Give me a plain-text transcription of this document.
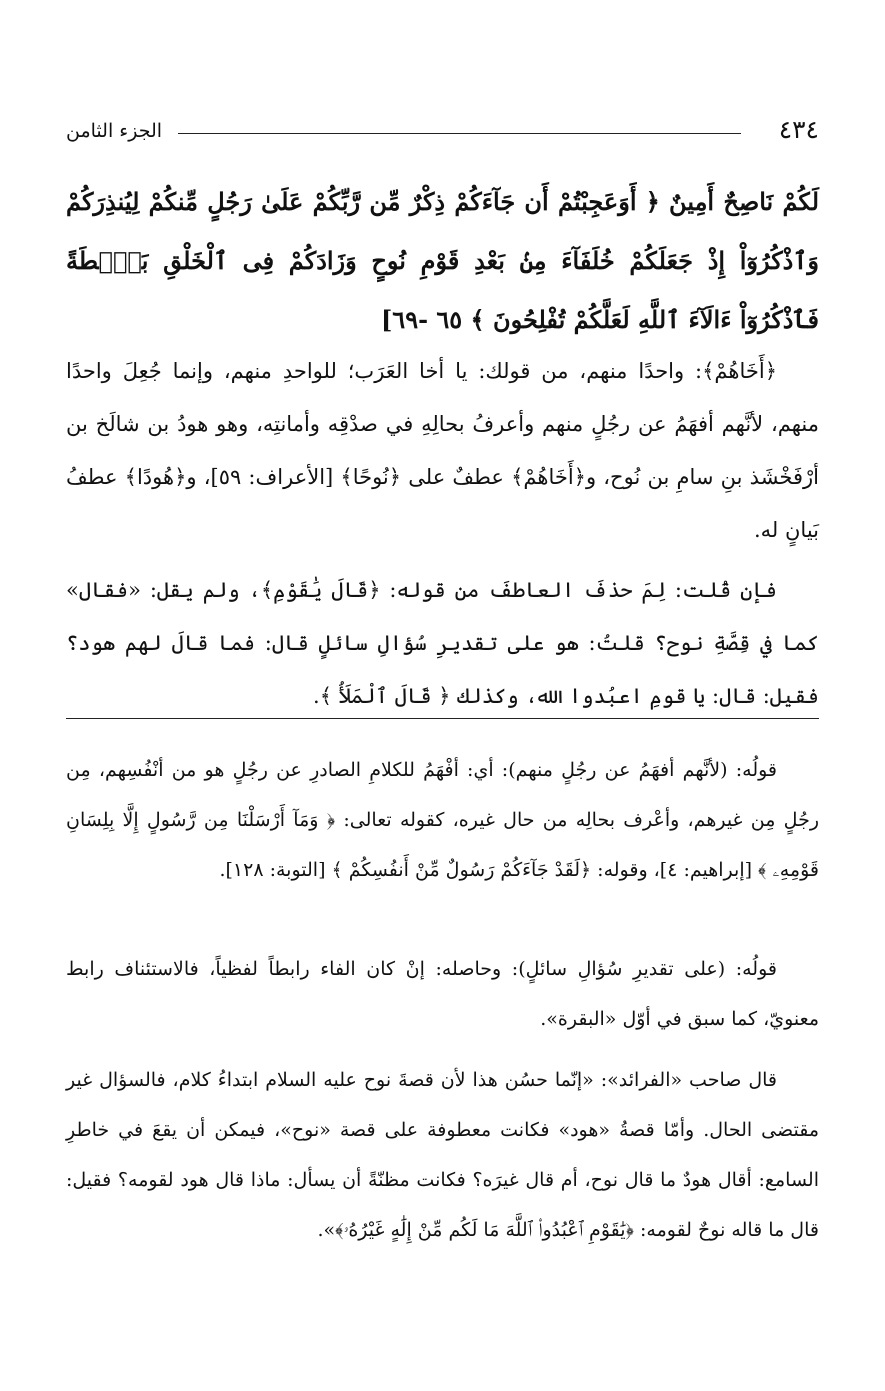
٤٣٤
الجزء الثامن
لَكُمْ نَاصِحٌ أَمِينٌ ﴿ أَوَعَجِبْتُمْ أَن جَآءَكُمْ ذِكْرٌ مِّن رَّبِّكُمْ عَلَىٰ رَجُلٍ مِّنكُمْ لِيُنذِرَكُمْ وَٱذْكُرُوٓاْ إِذْ جَعَلَكُمْ خُلَفَآءَ مِنۢ بَعْدِ قَوْمِ نُوحٍ وَزَادَكُمْ فِى ٱلْخَلْقِ بَصْۜطَةً فَٱذْكُرُوٓاْ ءَالَآءَ ٱللَّهِ لَعَلَّكُمْ تُفْلِحُونَ ﴾ ٦٥ -٦٩]
﴿أَخَاهُمْ﴾: واحدًا منهم، من قولك: يا أخا العَرَب؛ للواحدِ منهم، وإنما جُعِلَ واحدًا منهم، لأنَّهم أفهَمُ عن رجُلٍ منهم وأعرفُ بحالِهِ في صدْقِه وأمانتِه، وهو هودُ بن شالَخ بن أرْفَخْشَذ بنِ سامِ بن نُوح، و﴿أَخَاهُمْ﴾ عطفٌ على ﴿نُوحًا﴾ [الأعراف: ٥٩]، و﴿هُودًا﴾ عطفُ بَيانٍ له.
فإن قُلت: لِمَ حذفَ العاطفَ من قوله: ﴿قَالَ يَٰقَوْمِ﴾، ولم يقل: «فقال» كما في قِصَّةِ نوح؟ قلتُ: هو على تقديرِ سُؤالِ سائلٍ قال: فما قالَ لهم هود؟ فقيل: قال: يا قومِ اعبُدوا الله، وكذلك ﴿ قَالَ ٱلْمَلَأُ ﴾.
قولُه: (لأنَّهم أفهَمُ عن رجُلٍ منهم): أي: أفْهَمُ للكلامِ الصادرِ عن رجُلٍ هو من أنْفُسِهم، مِن رجُلٍ مِن غيرهم، وأعْرف بحالِه من حال غيره، كقوله تعالى: ﴿ وَمَآ أَرْسَلْنَا مِن رَّسُولٍ إِلَّا بِلِسَانِ قَوْمِهِۦ ﴾ [إبراهيم: ٤]، وقوله: ﴿لَقَدْ جَآءَكُمْ رَسُولٌ مِّنْ أَنفُسِكُمْ ﴾ [التوبة: ١٢٨].
قولُه: (على تقديرِ سُؤالِ سائلٍ): وحاصله: إنْ كان الفاء رابطاً لفظياً، فالاستئناف رابط معنويّ، كما سبق في أوّل «البقرة».
قال صاحب «الفرائد»: «إنّما حسُن هذا لأن قصةَ نوح عليه السلام ابتداءُ كلام، فالسؤال غير مقتضى الحال. وأمّا قصةُ «هود» فكانت معطوفة على قصة «نوح»، فيمكن أن يقعَ في خاطرِ السامع: أقال هودٌ ما قال نوح، أم قال غيرَه؟ فكانت مظنّةً أن يسأل: ماذا قال هود لقومه؟ فقيل: قال ما قاله نوحٌ لقومه: ﴿يَٰقَوْمِ ٱعْبُدُوا۟ ٱللَّهَ مَا لَكُم مِّنْ إِلَٰهٍ غَيْرُهُۥ﴾».
